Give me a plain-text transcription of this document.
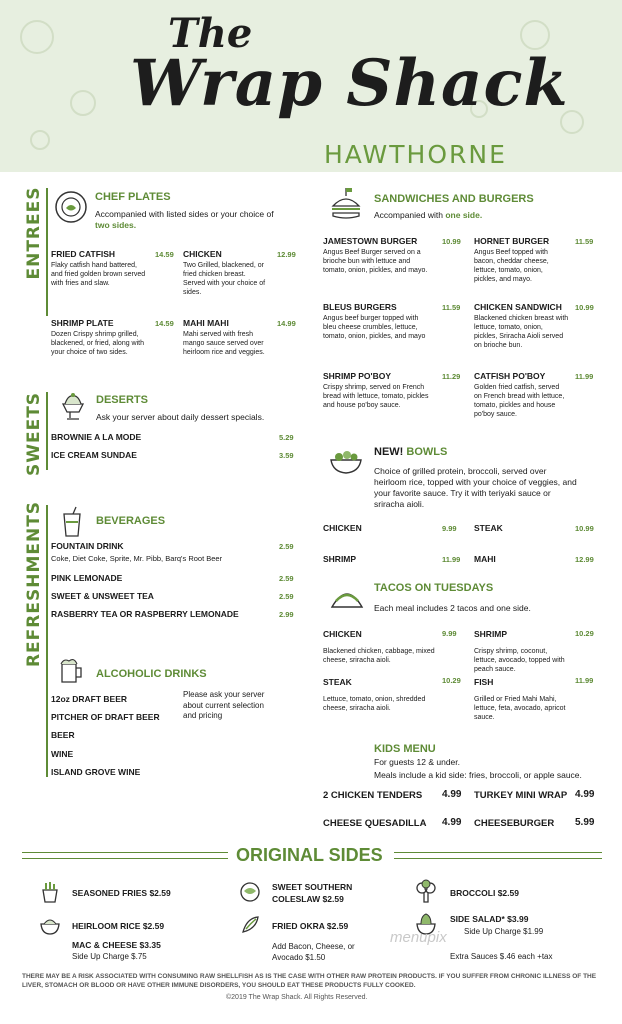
The
Wrap Shack
HAWTHORNE
ENTREES
SWEETS
REFRESHMENTS
CHEF PLATES
Accompanied with listed sides or your choice of
two sides.
FRIED CATFISH	14.59
Flaky catfish hand battered,
and fried golden brown served
with fries and slaw.
CHICKEN	12.99
Two Grilled, blackened, or
fried chicken breast.
Served with your choice of
sides.
SHRIMP PLATE	14.59
Dozen Crispy shrimp grilled,
blackened, or fried, along with
your choice of two sides.
MAHI MAHI	14.99
Mahi served with fresh
mango sauce served over
heirloom rice and veggies.
DESERTS
Ask your server about daily dessert specials.
BROWNIE A LA MODE	5.29
ICE CREAM SUNDAE	3.59
BEVERAGES
FOUNTAIN DRINK	2.59
Coke, Diet Coke, Sprite, Mr. Pibb, Barq's Root Beer
PINK LEMONADE	2.59
SWEET & UNSWEET TEA	2.59
RASBERRY TEA OR RASPBERRY LEMONADE	2.99
ALCOHOLIC DRINKS
12oz DRAFT BEER
PITCHER OF DRAFT BEER
BEER
WINE
ISLAND GROVE WINE
Please ask your server
about current selection
and pricing
SANDWICHES AND BURGERS
Accompanied with one side.
JAMESTOWN BURGER	10.99
Angus Beef Burger served on a
brioche bun with lettuce and
tomato, onion, pickles, and mayo.
HORNET BURGER	11.59
Angus Beef topped with
bacon, cheddar cheese,
lettuce, tomato, onion,
pickles, and mayo.
BLEUS BURGERS	11.59
Angus beef burger topped with
bleu cheese crumbles, lettuce,
tomato, onion, pickles, and mayo
CHICKEN SANDWICH 10.99
Blackened chicken breast with
lettuce, tomato, onion,
pickles, Sriracha Aioli served
on brioche bun.
SHRIMP PO'BOY	11.29
Crispy shrimp, served on French
bread with lettuce, tomato, pickles
and house po'boy sauce.
CATFISH PO'BOY	11.99
Golden fried catfish, served
on French bread with lettuce,
tomato, pickles and house
po'boy sauce.
NEW! BOWLS
Choice of grilled protein, broccoli, served over
heirloom rice, topped with your choice of veggies, and
your favorite sauce. Try it with teriyaki sauce or
sriracha aioli.
CHICKEN	9.99 STEAK	10.99
SHRIMP	11.99 MAHI	12.99
TACOS ON TUESDAYS
Each meal includes 2 tacos and one side.
CHICKEN	9.99
Blackened chicken, cabbage, mixed
cheese, sriracha aioli.
SHRIMP	10.29
Crispy shrimp, coconut,
lettuce, avocado, topped with
peach sauce.
STEAK	10.29
Lettuce, tomato, onion, shredded
cheese, sriracha aioli.
FISH	11.99
Grilled or Fried Mahi Mahi,
lettuce, feta, avocado, apricot
sauce.
KIDS MENU
For guests 12 & under.
Meals include a kid side: fries, broccoli, or apple sauce.
2 CHICKEN TENDERS 4.99 TURKEY MINI WRAP 4.99
CHEESE QUESADILLA 4.99 CHEESEBURGER 5.99
ORIGINAL SIDES
SEASONED FRIES $2.59
SWEET SOUTHERN
COLESLAW $2.59
BROCCOLI $2.59
HEIRLOOM RICE $2.59	FRIED OKRA $2.59
SIDE SALAD* $3.99
Side Up Charge $1.99
MAC & CHEESE $3.35
Side Up Charge $.75
Add Bacon, Cheese, or
Avocado $1.50	Extra Sauces $.46 each +tax
menupix
THERE MAY BE A RISK ASSOCIATED WITH CONSUMING RAW SHELLFISH AS IS THE CASE WITH OTHER RAW PROTEIN PRODUCTS. IF YOU SUFFER FROM CHRONIC ILLNESS OF THE LIVER, STOMACH OR BLOOD OR HAVE OTHER IMMUNE DISORDERS, YOU SHOULD EAT THESE PRODUCTS FULLY COOKED.
©2019 The Wrap Shack. All Rights Reserved.
